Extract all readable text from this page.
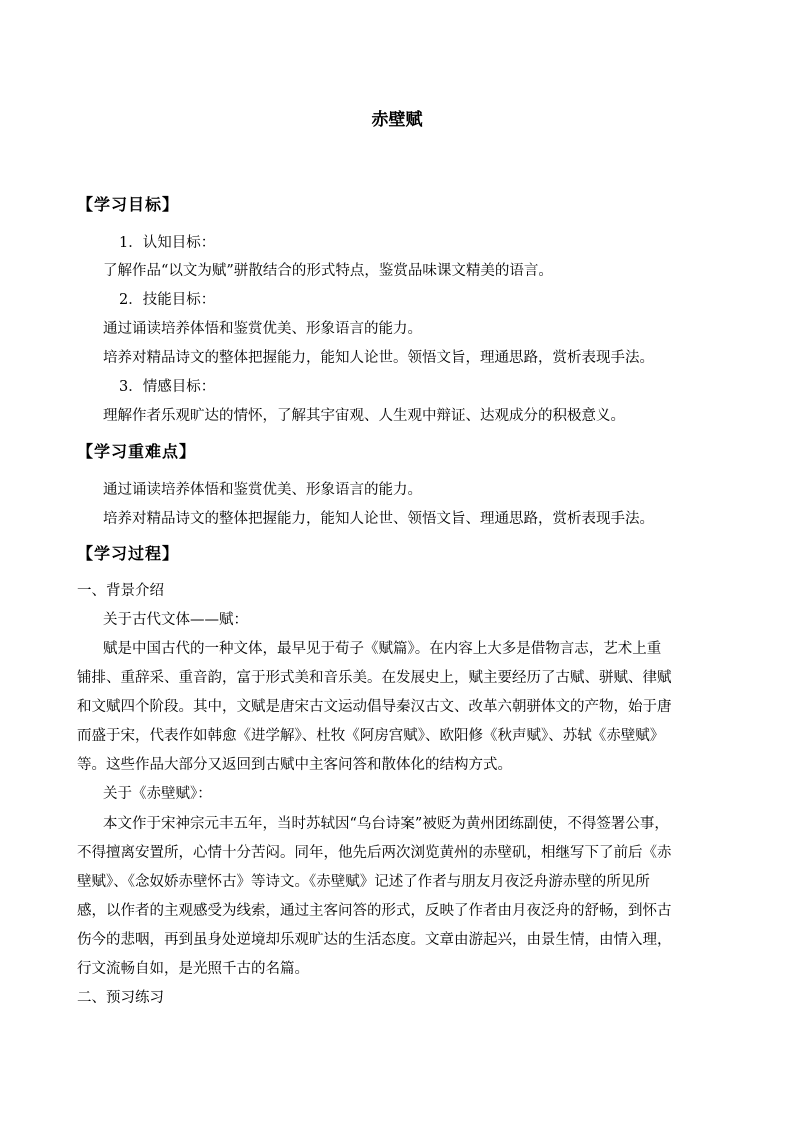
赤壁赋
【学习目标】
1．认知目标：
了解作品“以文为赋”骈散结合的形式特点，鉴赏品味课文精美的语言。
2．技能目标：
通过诵读培养体悟和鉴赏优美、形象语言的能力。
培养对精品诗文的整体把握能力，能知人论世。领悟文旨，理通思路，赏析表现手法。
3．情感目标：
理解作者乐观旷达的情怀，了解其宇宙观、人生观中辩证、达观成分的积极意义。
【学习重难点】
通过诵读培养体悟和鉴赏优美、形象语言的能力。
培养对精品诗文的整体把握能力，能知人论世、领悟文旨、理通思路，赏析表现手法。
【学习过程】
一、背景介绍
关于古代文体——赋：
赋是中国古代的一种文体，最早见于荀子《赋篇》。在内容上大多是借物言志，艺术上重
铺排、重辞采、重音韵，富于形式美和音乐美。在发展史上，赋主要经历了古赋、骈赋、律赋
和文赋四个阶段。其中，文赋是唐宋古文运动倡导秦汉古文、改革六朝骈体文的产物，始于唐
而盛于宋，代表作如韩愈《进学解》、杜牧《阿房宫赋》、欧阳修《秋声赋》、苏轼《赤壁赋》
等。这些作品大部分又返回到古赋中主客问答和散体化的结构方式。
关于《赤壁赋》：
本文作于宋神宗元丰五年，当时苏轼因“乌台诗案”被贬为黄州团练副使，不得签署公事，
不得擅离安置所，心情十分苦闷。同年，他先后两次浏览黄州的赤壁矶，相继写下了前后《赤
壁赋》、《念奴娇赤壁怀古》等诗文。《赤壁赋》记述了作者与朋友月夜泛舟游赤壁的所见所
感，以作者的主观感受为线索，通过主客问答的形式，反映了作者由月夜泛舟的舒畅，到怀古
伤今的悲咽，再到虽身处逆境却乐观旷达的生活态度。文章由游起兴，由景生情，由情入理，
行文流畅自如，是光照千古的名篇。
二、预习练习
